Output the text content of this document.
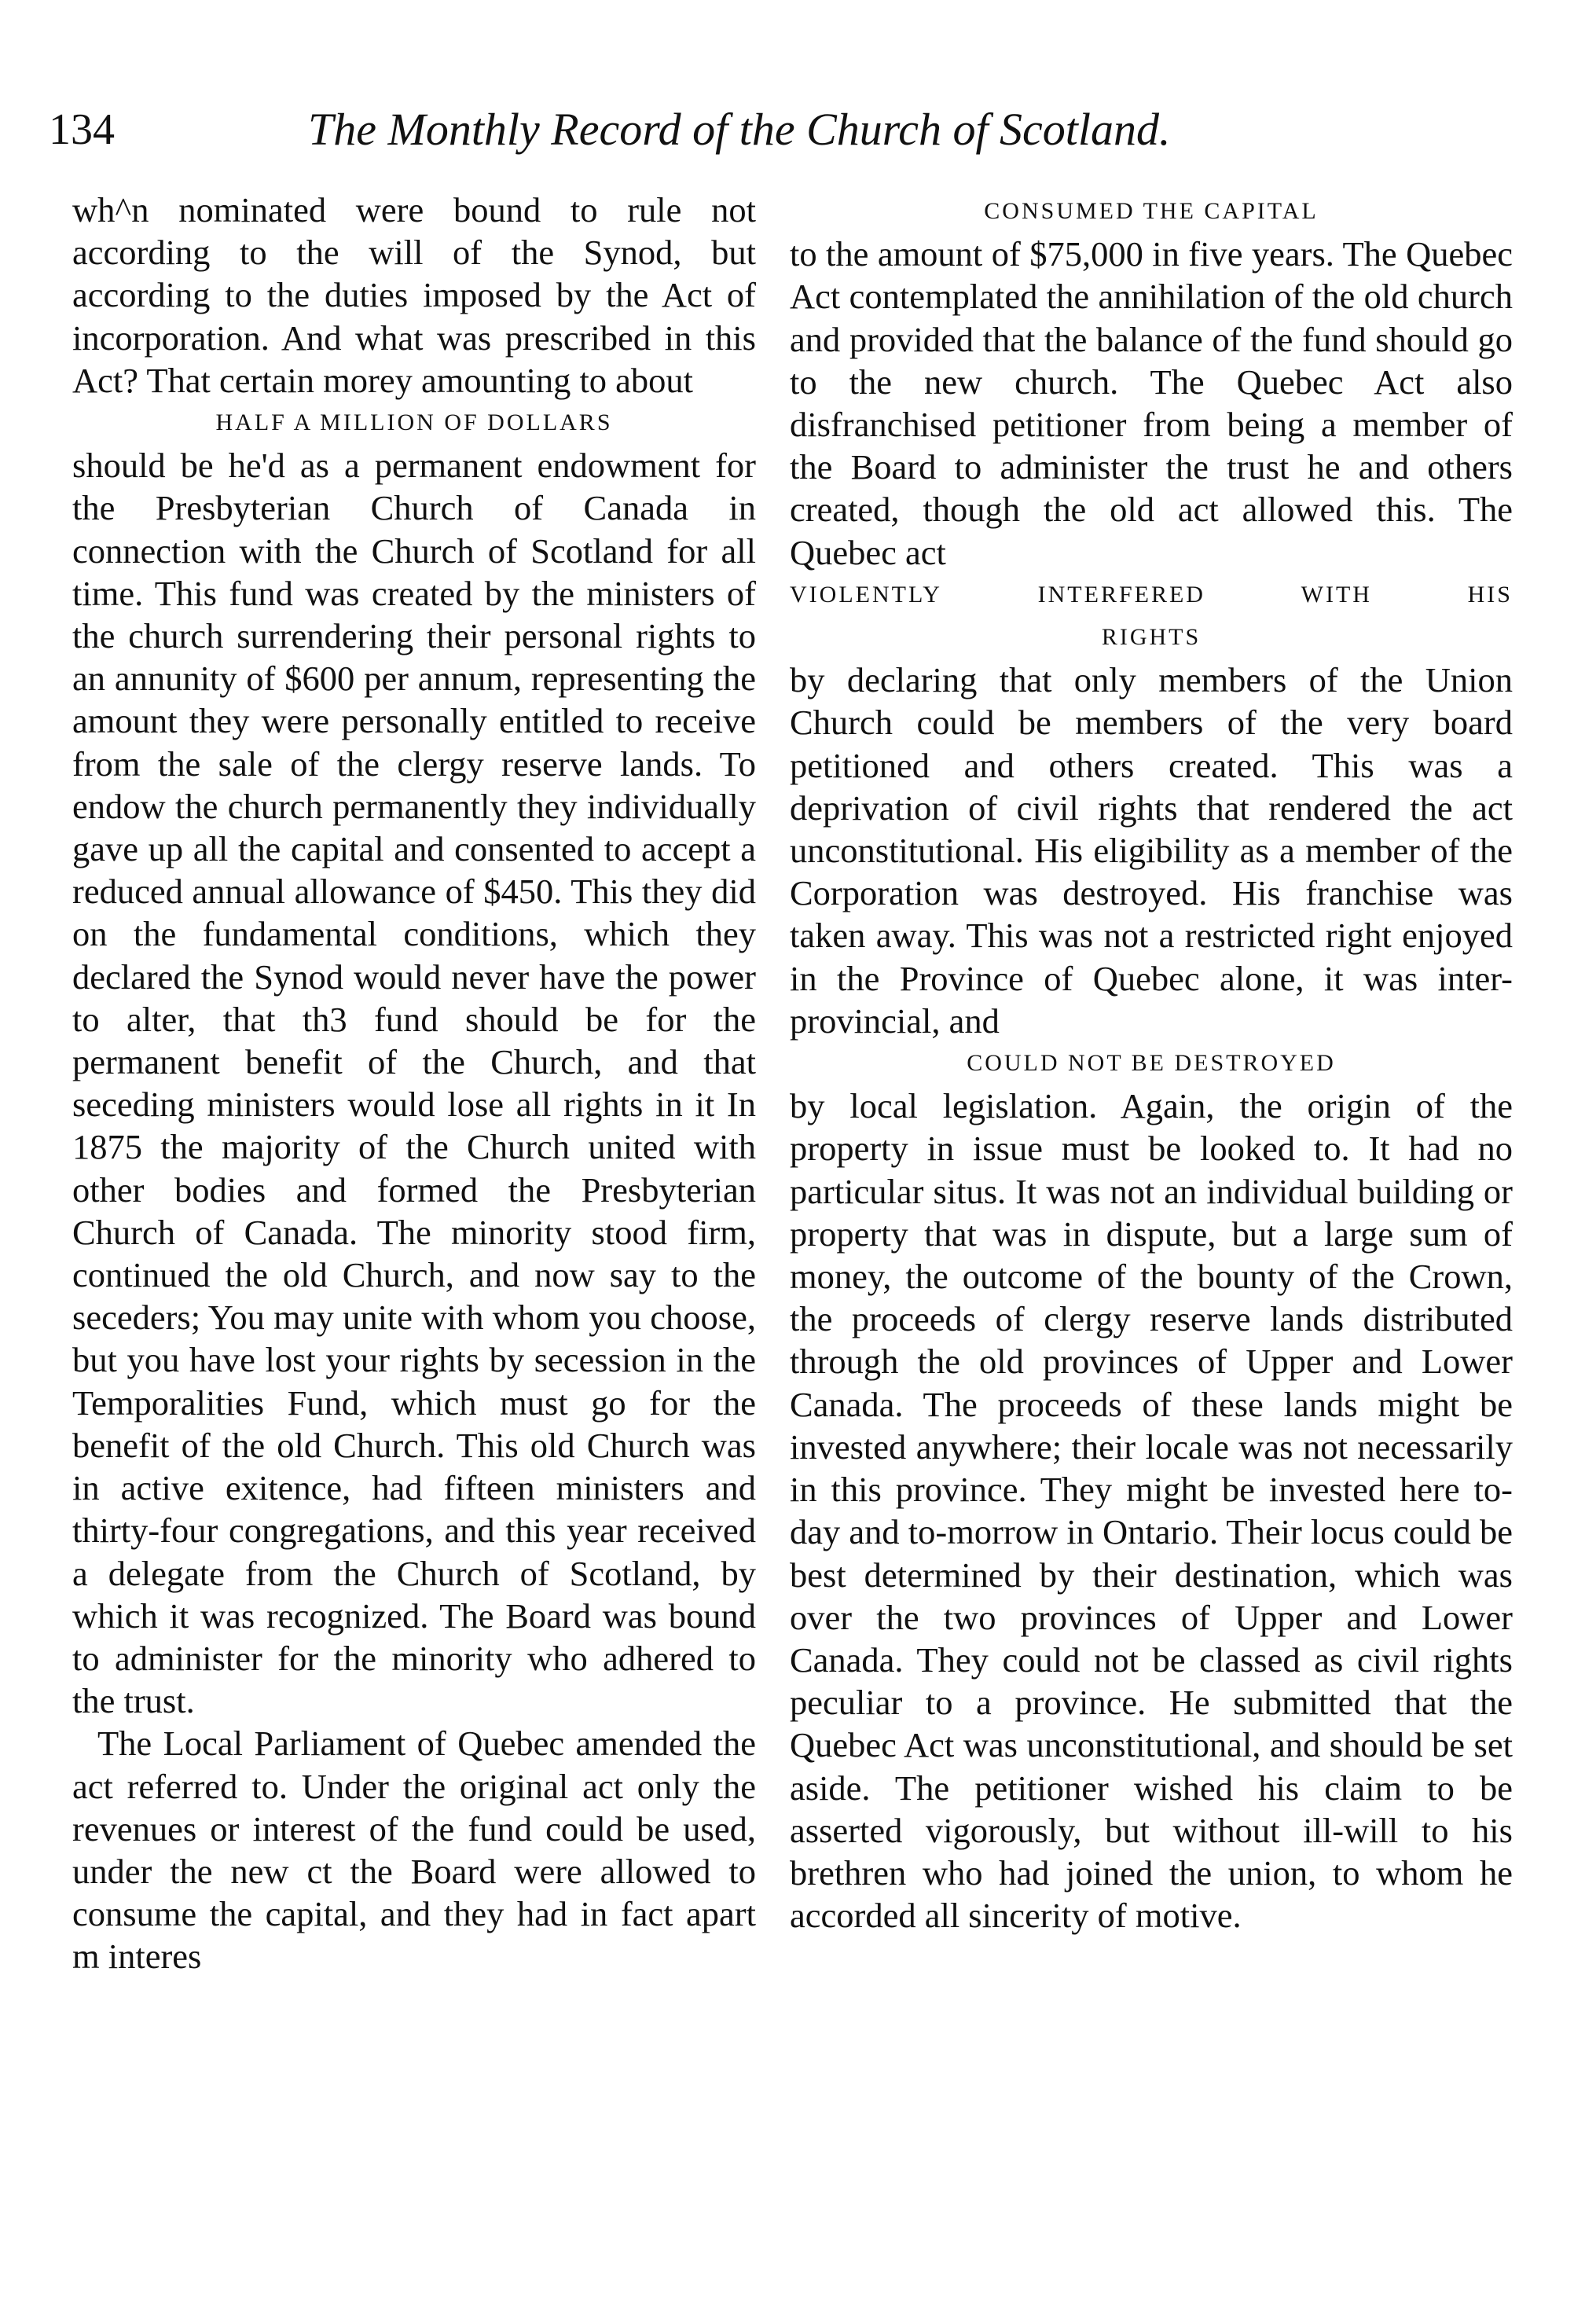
134	The Monthly Record of the Church of Scotland.

wh^n nominated were bound to rule not according to the will of the Synod, but according to the duties imposed by the Act of incorporation. And what was prescribed in this Act? That certain morey amounting to about

HALF A MILLION OF DOLLARS

should be he'd as a permanent endowment for the Presbyterian Church of Canada in connection with the Church of Scotland for all time. This fund was created by the ministers of the church surrendering their personal rights to an annunity of $600 per annum, representing the amount they were personally entitled to receive from the sale of the clergy reserve lands. To endow the church permanently they individually gave up all the capital and consented to accept a reduced annual allowance of $450. This they did on the fundamental conditions, which they declared the Synod would never have the power to alter, that th3 fund should be for the permanent benefit of the Church, and that seceding ministers would lose all rights in it In 1875 the majority of the Church united with other bodies and formed the Presbyterian Church of Canada. The minority stood firm, continued the old Church, and now say to the seceders; You may unite with whom you choose, but you have lost your rights by secession in the Temporalities Fund, which must go for the benefit of the old Church. This old Church was in active exitence, had fifteen ministers and thirty-four congregations, and this year received a delegate from the Church of Scotland, by which it was recognized. The Board was bound to administer for the minority who adhered to the trust.

The Local Parliament of Quebec amended the act referred to. Under the original act only the revenues or interest of the fund could be used, under the new ct the Board were allowed to consume the capital, and they had in fact apart m interes

CONSUMED THE CAPITAL

to the amount of $75,000 in five years. The Quebec Act contemplated the annihilation of the old church and provided that the balance of the fund should go to the new church. The Quebec Act also disfranchised petitioner from being a member of the Board to administer the trust he and others created, though the old act allowed this. The Quebec act

VIOLENTLY	INTERFERED	WITH	HIS

RIGHTS

by declaring that only members of the Union Church could be members of the very board petitioned and others created. This was a deprivation of civil rights that rendered the act unconstitutional. His eligibility as a member of the Corporation was destroyed. His franchise was taken away. This was not a restricted right enjoyed in the Province of Quebec alone, it was inter-provincial, and

COULD NOT BE DESTROYED

by local legislation. Again, the origin of the property in issue must be looked to. It had no particular situs. It was not an individual building or property that was in dispute, but a large sum of money, the outcome of the bounty of the Crown, the proceeds of clergy reserve lands distributed through the old provinces of Upper and Lower Canada. The proceeds of these lands might be invested anywhere; their locale was not necessarily in this province. They might be invested here to-day and to-morrow in Ontario. Their locus could be best determined by their destination, which was over the two provinces of Upper and Lower Canada. They could not be classed as civil rights peculiar to a province. He submitted that the Quebec Act was unconstitutional, and should be set aside. The petitioner wished his claim to be asserted vigorously, but without ill-will to his brethren who had joined the union, to whom he accorded all sincerity of motive.
